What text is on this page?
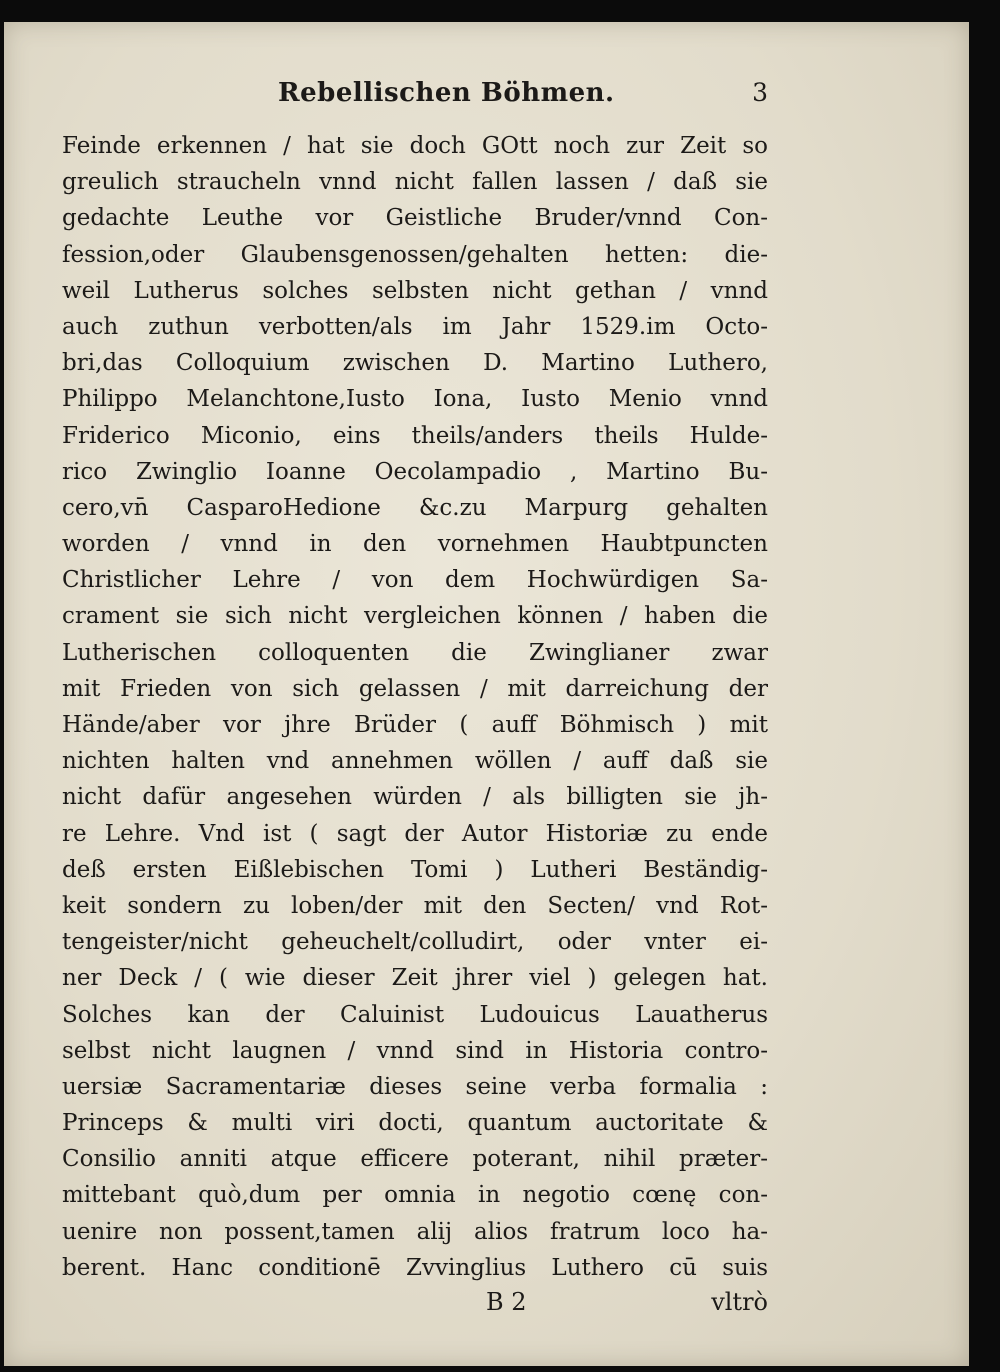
Rebellischen Böhmen.	3
Feinde erkennen / hat sie doch GOtt noch zur Zeit so
greulich straucheln vnnd nicht fallen lassen / daß sie
gedachte Leuthe vor Geistliche Bruder/vnnd Con-
fession,oder Glaubensgenossen/gehalten hetten: die-
weil Lutherus solches selbsten nicht gethan / vnnd
auch zuthun verbotten/als im Jahr 1529.im Octo-
bri,das Colloquium zwischen D. Martino Luthero,
Philippo Melanchtone,Iusto Iona, Iusto Menio vnnd
Friderico Miconio, eins theils/anders theils Hulde-
rico Zwinglio Ioanne Oecolampadio , Martino Bu-
cero,vn̄ CasparoHedione &c.zu Marpurg gehalten
worden / vnnd in den vornehmen Haubtpuncten
Christlicher Lehre / von dem Hochwürdigen Sa-
crament sie sich nicht vergleichen können / haben die
Lutherischen colloquenten die Zwinglianer zwar
mit Frieden von sich gelassen / mit darreichung der
Hände/aber vor jhre Brüder ( auff Böhmisch ) mit
nichten halten vnd annehmen wöllen / auff daß sie
nicht dafür angesehen würden / als billigten sie jh-
re Lehre. Vnd ist ( sagt der Autor Historiæ zu ende
deß ersten Eißlebischen Tomi ) Lutheri Beständig-
keit sondern zu loben/der mit den Secten/ vnd Rot-
tengeister/nicht geheuchelt/colludirt, oder vnter ei-
ner Deck / ( wie dieser Zeit jhrer viel ) gelegen hat.
Solches kan der Caluinist Ludouicus Lauatherus
selbst nicht laugnen / vnnd sind in Historia contro-
uersiæ Sacramentariæ dieses seine verba formalia :
Princeps & multi viri docti, quantum auctoritate &
Consilio anniti atque efficere poterant, nihil præter-
mittebant quò,dum per omnia in negotio cœnę con-
uenire non possent,tamen alij alios fratrum loco ha-
berent. Hanc conditionē Zvvinglius Luthero cū suis
B 2	vltrò
